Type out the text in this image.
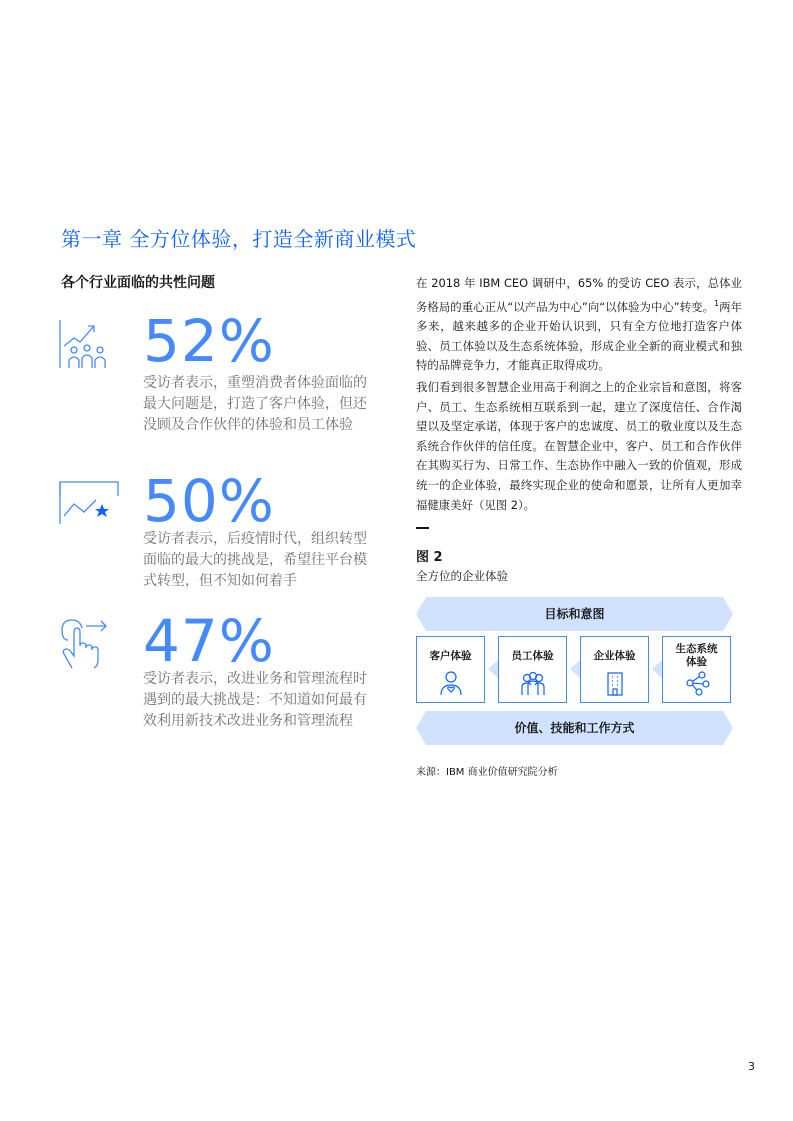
第一章 全方位体验，打造全新商业模式
各个行业面临的共性问题
52%
受访者表示，重塑消费者体验面临的最大问题是，打造了客户体验，但还没顾及合作伙伴的体验和员工体验
50%
受访者表示，后疫情时代，组织转型面临的最大的挑战是，希望往平台模式转型，但不知如何着手
47%
受访者表示，改进业务和管理流程时遇到的最大挑战是：不知道如何最有效利用新技术改进业务和管理流程
在 2018 年 IBM CEO 调研中，65% 的受访 CEO 表示，总体业务格局的重心正从“以产品为中心”向“以体验为中心”转变。$^1$两年多来，越来越多的企业开始认识到，只有全方位地打造客户体验、员工体验以及生态系统体验，形成企业全新的商业模式和独特的品牌竞争力，才能真正取得成功。
我们看到很多智慧企业用高于利润之上的企业宗旨和意图，将客户、员工、生态系统相互联系到一起，建立了深度信任、合作渴望以及坚定承诺，体现于客户的忠诚度、员工的敬业度以及生态系统合作伙伴的信任度。在智慧企业中，客户、员工和合作伙伴在其购买行为、日常工作、生态协作中融入一致的价值观，形成统一的企业体验，最终实现企业的使命和愿景，让所有人更加幸福健康美好（见图 2）。
图 2
全方位的企业体验
目标和意图
客户体验	员工体验	企业体验
生态系统
体验
价值、技能和工作方式
来源：IBM 商业价值研究院分析
3
